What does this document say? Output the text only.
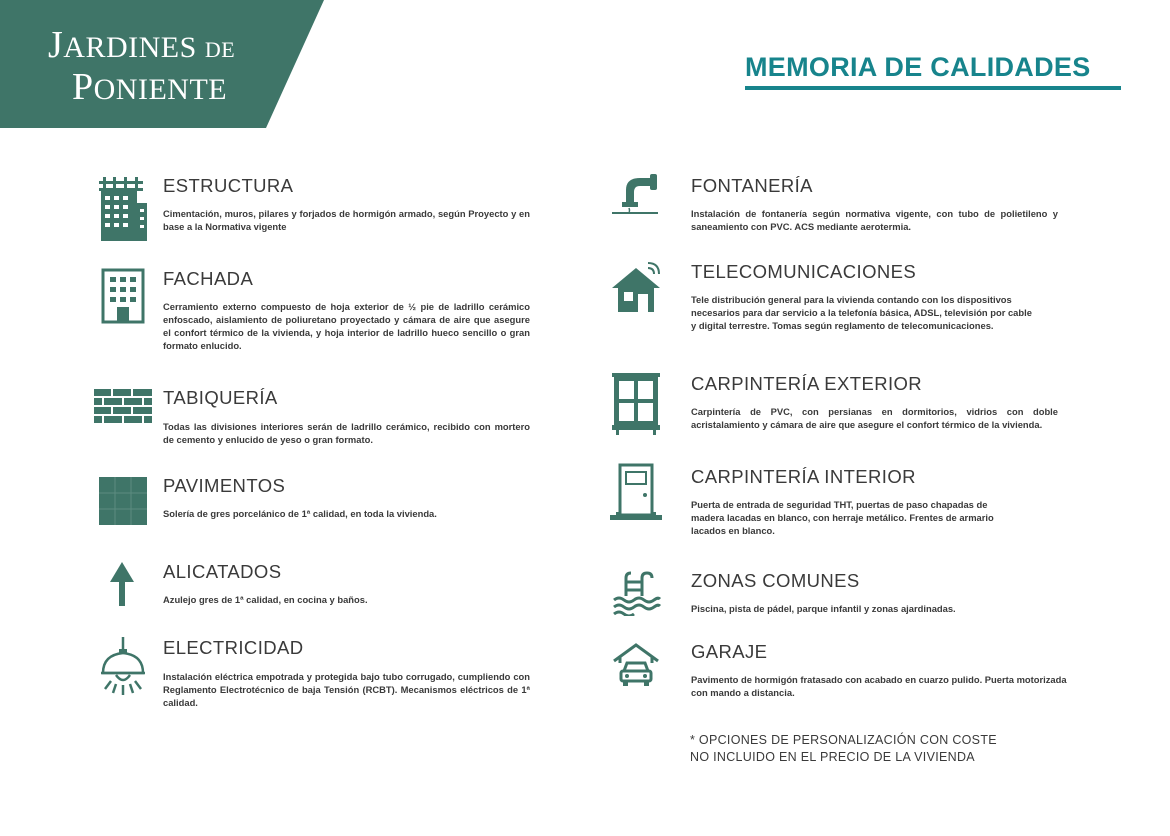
JARDINES DE
PONIENTE
MEMORIA DE CALIDADES
ESTRUCTURA
Cimentación, muros, pilares y forjados de hormigón armado, según Proyecto y en base a la Normativa vigente
FACHADA
Cerramiento externo compuesto de hoja exterior de ½ pie de ladrillo cerámico enfoscado, aislamiento de poliuretano proyectado y cámara de aire que asegure el confort térmico de la vivienda, y hoja interior de ladrillo hueco sencillo o gran formato enlucido.
TABIQUERÍA
Todas las divisiones interiores serán de ladrillo cerámico, recibido con mortero de cemento y enlucido de yeso o gran formato.
PAVIMENTOS
Solería de gres porcelánico de 1ª calidad, en toda la vivienda.
ALICATADOS
Azulejo gres de 1ª calidad, en cocina y baños.
ELECTRICIDAD
Instalación eléctrica empotrada y protegida bajo tubo corrugado, cumpliendo con Reglamento Electrotécnico de baja Tensión (RCBT). Mecanismos eléctricos de 1ª calidad.
FONTANERÍA
Instalación de fontanería según normativa vigente, con tubo de polietileno y saneamiento con PVC. ACS mediante aerotermia.
TELECOMUNICACIONES
Tele distribución general para la vivienda contando con los dispositivos necesarios para dar servicio a la telefonía básica, ADSL, televisión por cable y digital terrestre. Tomas según reglamento de telecomunicaciones.
CARPINTERÍA EXTERIOR
Carpintería de PVC, con persianas en dormitorios, vidrios con doble acristalamiento y cámara de aire que asegure el confort térmico de la vivienda.
CARPINTERÍA INTERIOR
Puerta de entrada de seguridad THT, puertas de paso chapadas de madera lacadas en blanco, con herraje metálico. Frentes de armario lacados en blanco.
ZONAS COMUNES
Piscina, pista de pádel, parque infantil y zonas ajardinadas.
GARAJE
Pavimento de hormigón fratasado con acabado en cuarzo pulido. Puerta motorizada con mando a distancia.
* OPCIONES DE PERSONALIZACIÓN CON COSTE
NO INCLUIDO EN EL PRECIO DE LA VIVIENDA
